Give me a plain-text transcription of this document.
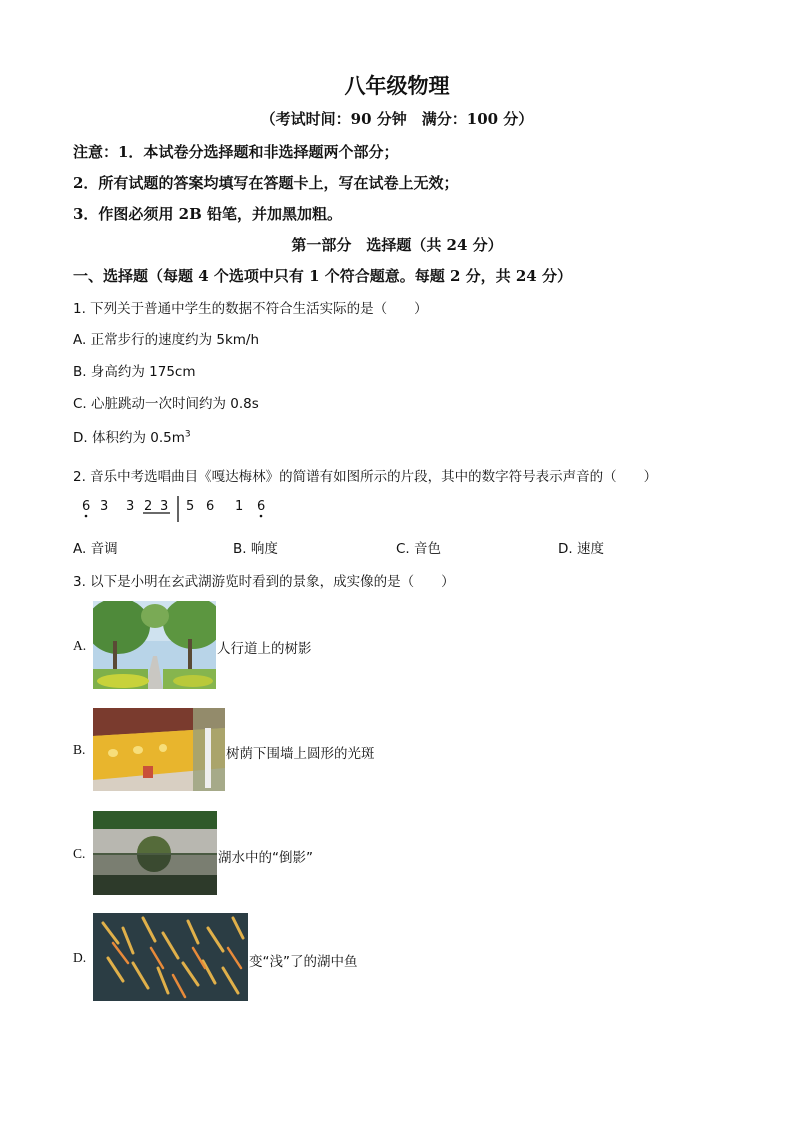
八年级物理
（考试时间：90 分钟　满分：100 分）
注意：1．本试卷分选择题和非选择题两个部分；
2．所有试题的答案均填写在答题卡上，写在试卷上无效；
3．作图必须用 2B 铅笔，并加黑加粗。
第一部分　选择题（共 24 分）
一、选择题（每题 4 个选项中只有 1 个符合题意。每题 2 分，共 24 分）
1. 下列关于普通中学生的数据不符合生活实际的是（　　）
A. 正常步行的速度约为 5km/h
B. 身高约为 175cm
C. 心脏跳动一次时间约为 0.8s
D. 体积约为 $0.5m^3$
2. 音乐中考选唱曲目《嘎达梅林》的简谱有如图所示的片段，其中的数字符号表示声音的（　　）
6 3 3 2 3 5 6 1 6
A. 音调	B. 响度	C. 音色	D. 速度
3. 以下是小明在玄武湖游览时看到的景象，成实像的是（　　）
A.	人行道上的树影
B.	树荫下围墙上圆形的光斑
C.	湖水中的“倒影”
D.	变“浅”了的湖中鱼
